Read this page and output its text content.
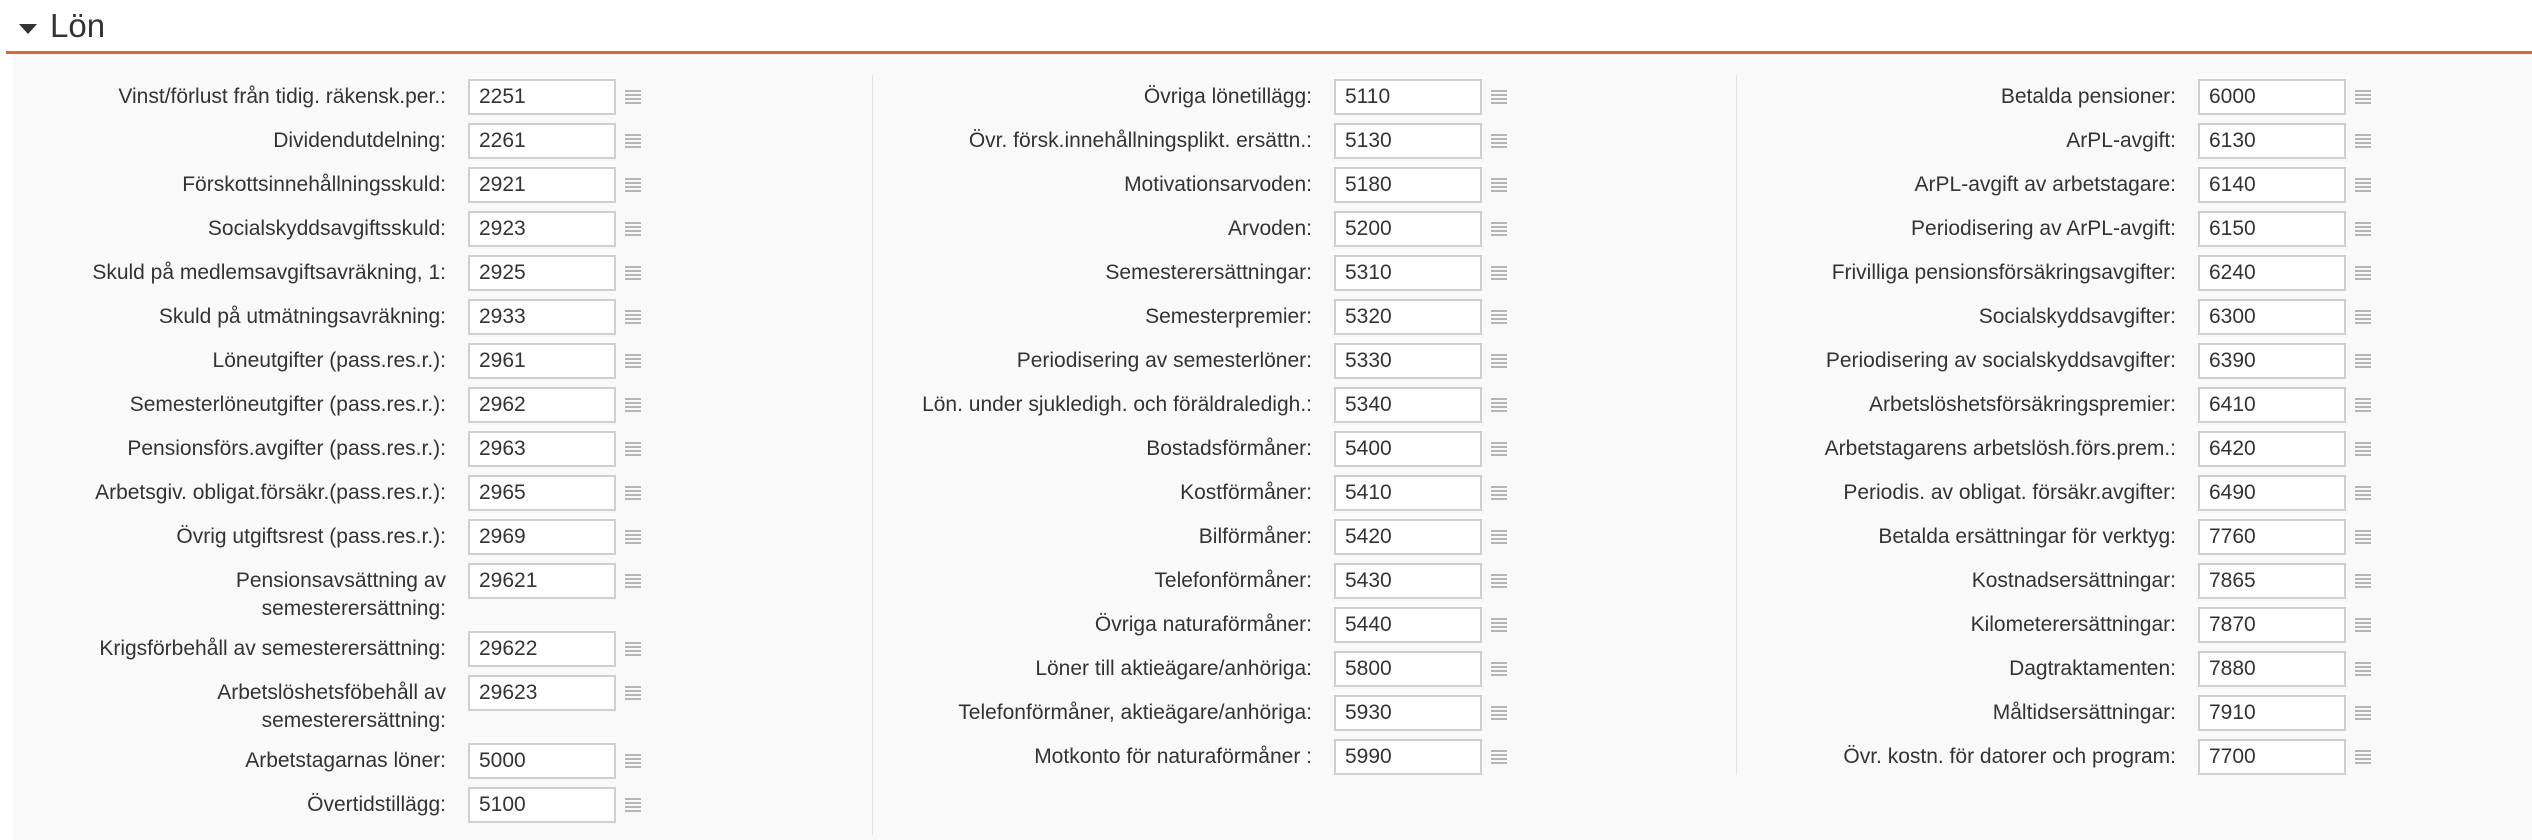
Lön
Vinst/förlust från tidig. räkensk.per.:
2251
Dividendutdelning:
2261
Förskottsinnehållningsskuld:
2921
Socialskyddsavgiftsskuld:
2923
Skuld på medlemsavgiftsavräkning, 1:
2925
Skuld på utmätningsavräkning:
2933
Löneutgifter (pass.res.r.):
2961
Semesterlöneutgifter (pass.res.r.):
2962
Pensionsförs.avgifter (pass.res.r.):
2963
Arbetsgiv. obligat.försäkr.(pass.res.r.):
2965
Övrig utgiftsrest (pass.res.r.):
2969
Pensionsavsättning av
semesterersättning:
29621
Krigsförbehåll av semesterersättning:
29622
Arbetslöshetsföbehåll av
semesterersättning:
29623
Arbetstagarnas löner:
5000
Övertidstillägg:
5100
Övriga lönetillägg:
5110
Övr. försk.innehållningsplikt. ersättn.:
5130
Motivationsarvoden:
5180
Arvoden:
5200
Semesterersättningar:
5310
Semesterpremier:
5320
Periodisering av semesterlöner:
5330
Lön. under sjukledigh. och föräldraledigh.:
5340
Bostadsförmåner:
5400
Kostförmåner:
5410
Bilförmåner:
5420
Telefonförmåner:
5430
Övriga naturaförmåner:
5440
Löner till aktieägare/anhöriga:
5800
Telefonförmåner, aktieägare/anhöriga:
5930
Motkonto för naturaförmåner :
5990
Betalda pensioner:
6000
ArPL-avgift:
6130
ArPL-avgift av arbetstagare:
6140
Periodisering av ArPL-avgift:
6150
Frivilliga pensionsförsäkringsavgifter:
6240
Socialskyddsavgifter:
6300
Periodisering av socialskyddsavgifter:
6390
Arbetslöshetsförsäkringspremier:
6410
Arbetstagarens arbetslösh.förs.prem.:
6420
Periodis. av obligat. försäkr.avgifter:
6490
Betalda ersättningar för verktyg:
7760
Kostnadsersättningar:
7865
Kilometerersättningar:
7870
Dagtraktamenten:
7880
Måltidsersättningar:
7910
Övr. kostn. för datorer och program:
7700
